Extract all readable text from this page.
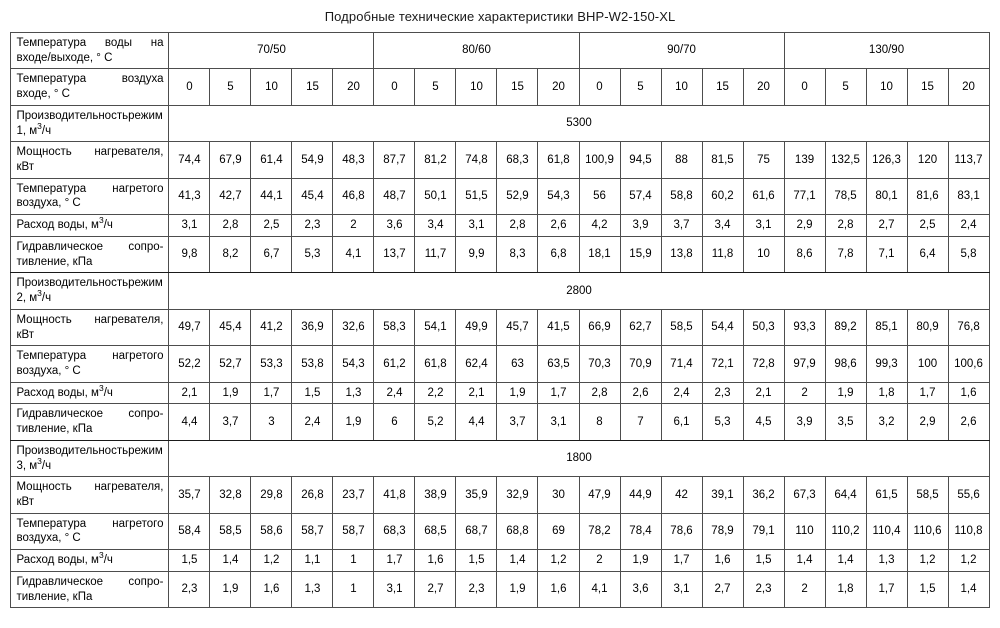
Подробные технические характеристики BHP-W2-150-XL
Температура воды на
входе/выходе, ° С	70/50					80/60					90/70					130/90				

Температура воздуха
входе, ° С	0	5	10	15	20	0	5	10	15	20	0	5	10	15	20	0	5	10	15	20
Производительностьрежим 1, $м^3/ч$	5300																			

Мощность нагревателя,
кВт	74,4	67,9	61,4	54,9	48,3	87,7	81,2	74,8	68,3	61,8	100,9	94,5	88	81,5	75	139	132,5	126,3	120	113,7

Температура нагретого
воздуха, ° С	41,3	42,7	44,1	45,4	46,8	48,7	50,1	51,5	52,9	54,3	56	57,4	58,8	60,2	61,6	77,1	78,5	80,1	81,6	83,1

Расход воды, $м^3/ч$	3,1	2,8	2,5	2,3	2	3,6	3,4	3,1	2,8	2,6	4,2	3,9	3,7	3,4	3,1	2,9	2,8	2,7	2,5	2,4

Гидравлическое сопро-
тивление, кПа	9,8	8,2	6,7	5,3	4,1	13,7	11,7	9,9	8,3	6,8	18,1	15,9	13,8	11,8	10	8,6	7,8	7,1	6,4	5,8
Производительностьрежим 2, $м^3/ч$	2800																			

Мощность нагревателя,
кВт	49,7	45,4	41,2	36,9	32,6	58,3	54,1	49,9	45,7	41,5	66,9	62,7	58,5	54,4	50,3	93,3	89,2	85,1	80,9	76,8

Температура нагретого
воздуха, ° С	52,2	52,7	53,3	53,8	54,3	61,2	61,8	62,4	63	63,5	70,3	70,9	71,4	72,1	72,8	97,9	98,6	99,3	100	100,6

Расход воды, $м^3/ч$	2,1	1,9	1,7	1,5	1,3	2,4	2,2	2,1	1,9	1,7	2,8	2,6	2,4	2,3	2,1	2	1,9	1,8	1,7	1,6

Гидравлическое сопро-
тивление, кПа	4,4	3,7	3	2,4	1,9	6	5,2	4,4	3,7	3,1	8	7	6,1	5,3	4,5	3,9	3,5	3,2	2,9	2,6
Производительностьрежим 3, $м^3/ч$	1800																			

Мощность нагревателя,
кВт	35,7	32,8	29,8	26,8	23,7	41,8	38,9	35,9	32,9	30	47,9	44,9	42	39,1	36,2	67,3	64,4	61,5	58,5	55,6

Температура нагретого
воздуха, ° С	58,4	58,5	58,6	58,7	58,7	68,3	68,5	68,7	68,8	69	78,2	78,4	78,6	78,9	79,1	110	110,2	110,4	110,6	110,8

Расход воды, $м^3/ч$	1,5	1,4	1,2	1,1	1	1,7	1,6	1,5	1,4	1,2	2	1,9	1,7	1,6	1,5	1,4	1,4	1,3	1,2	1,2

Гидравлическое сопро-
тивление, кПа	2,3	1,9	1,6	1,3	1	3,1	2,7	2,3	1,9	1,6	4,1	3,6	3,1	2,7	2,3	2	1,8	1,7	1,5	1,4
